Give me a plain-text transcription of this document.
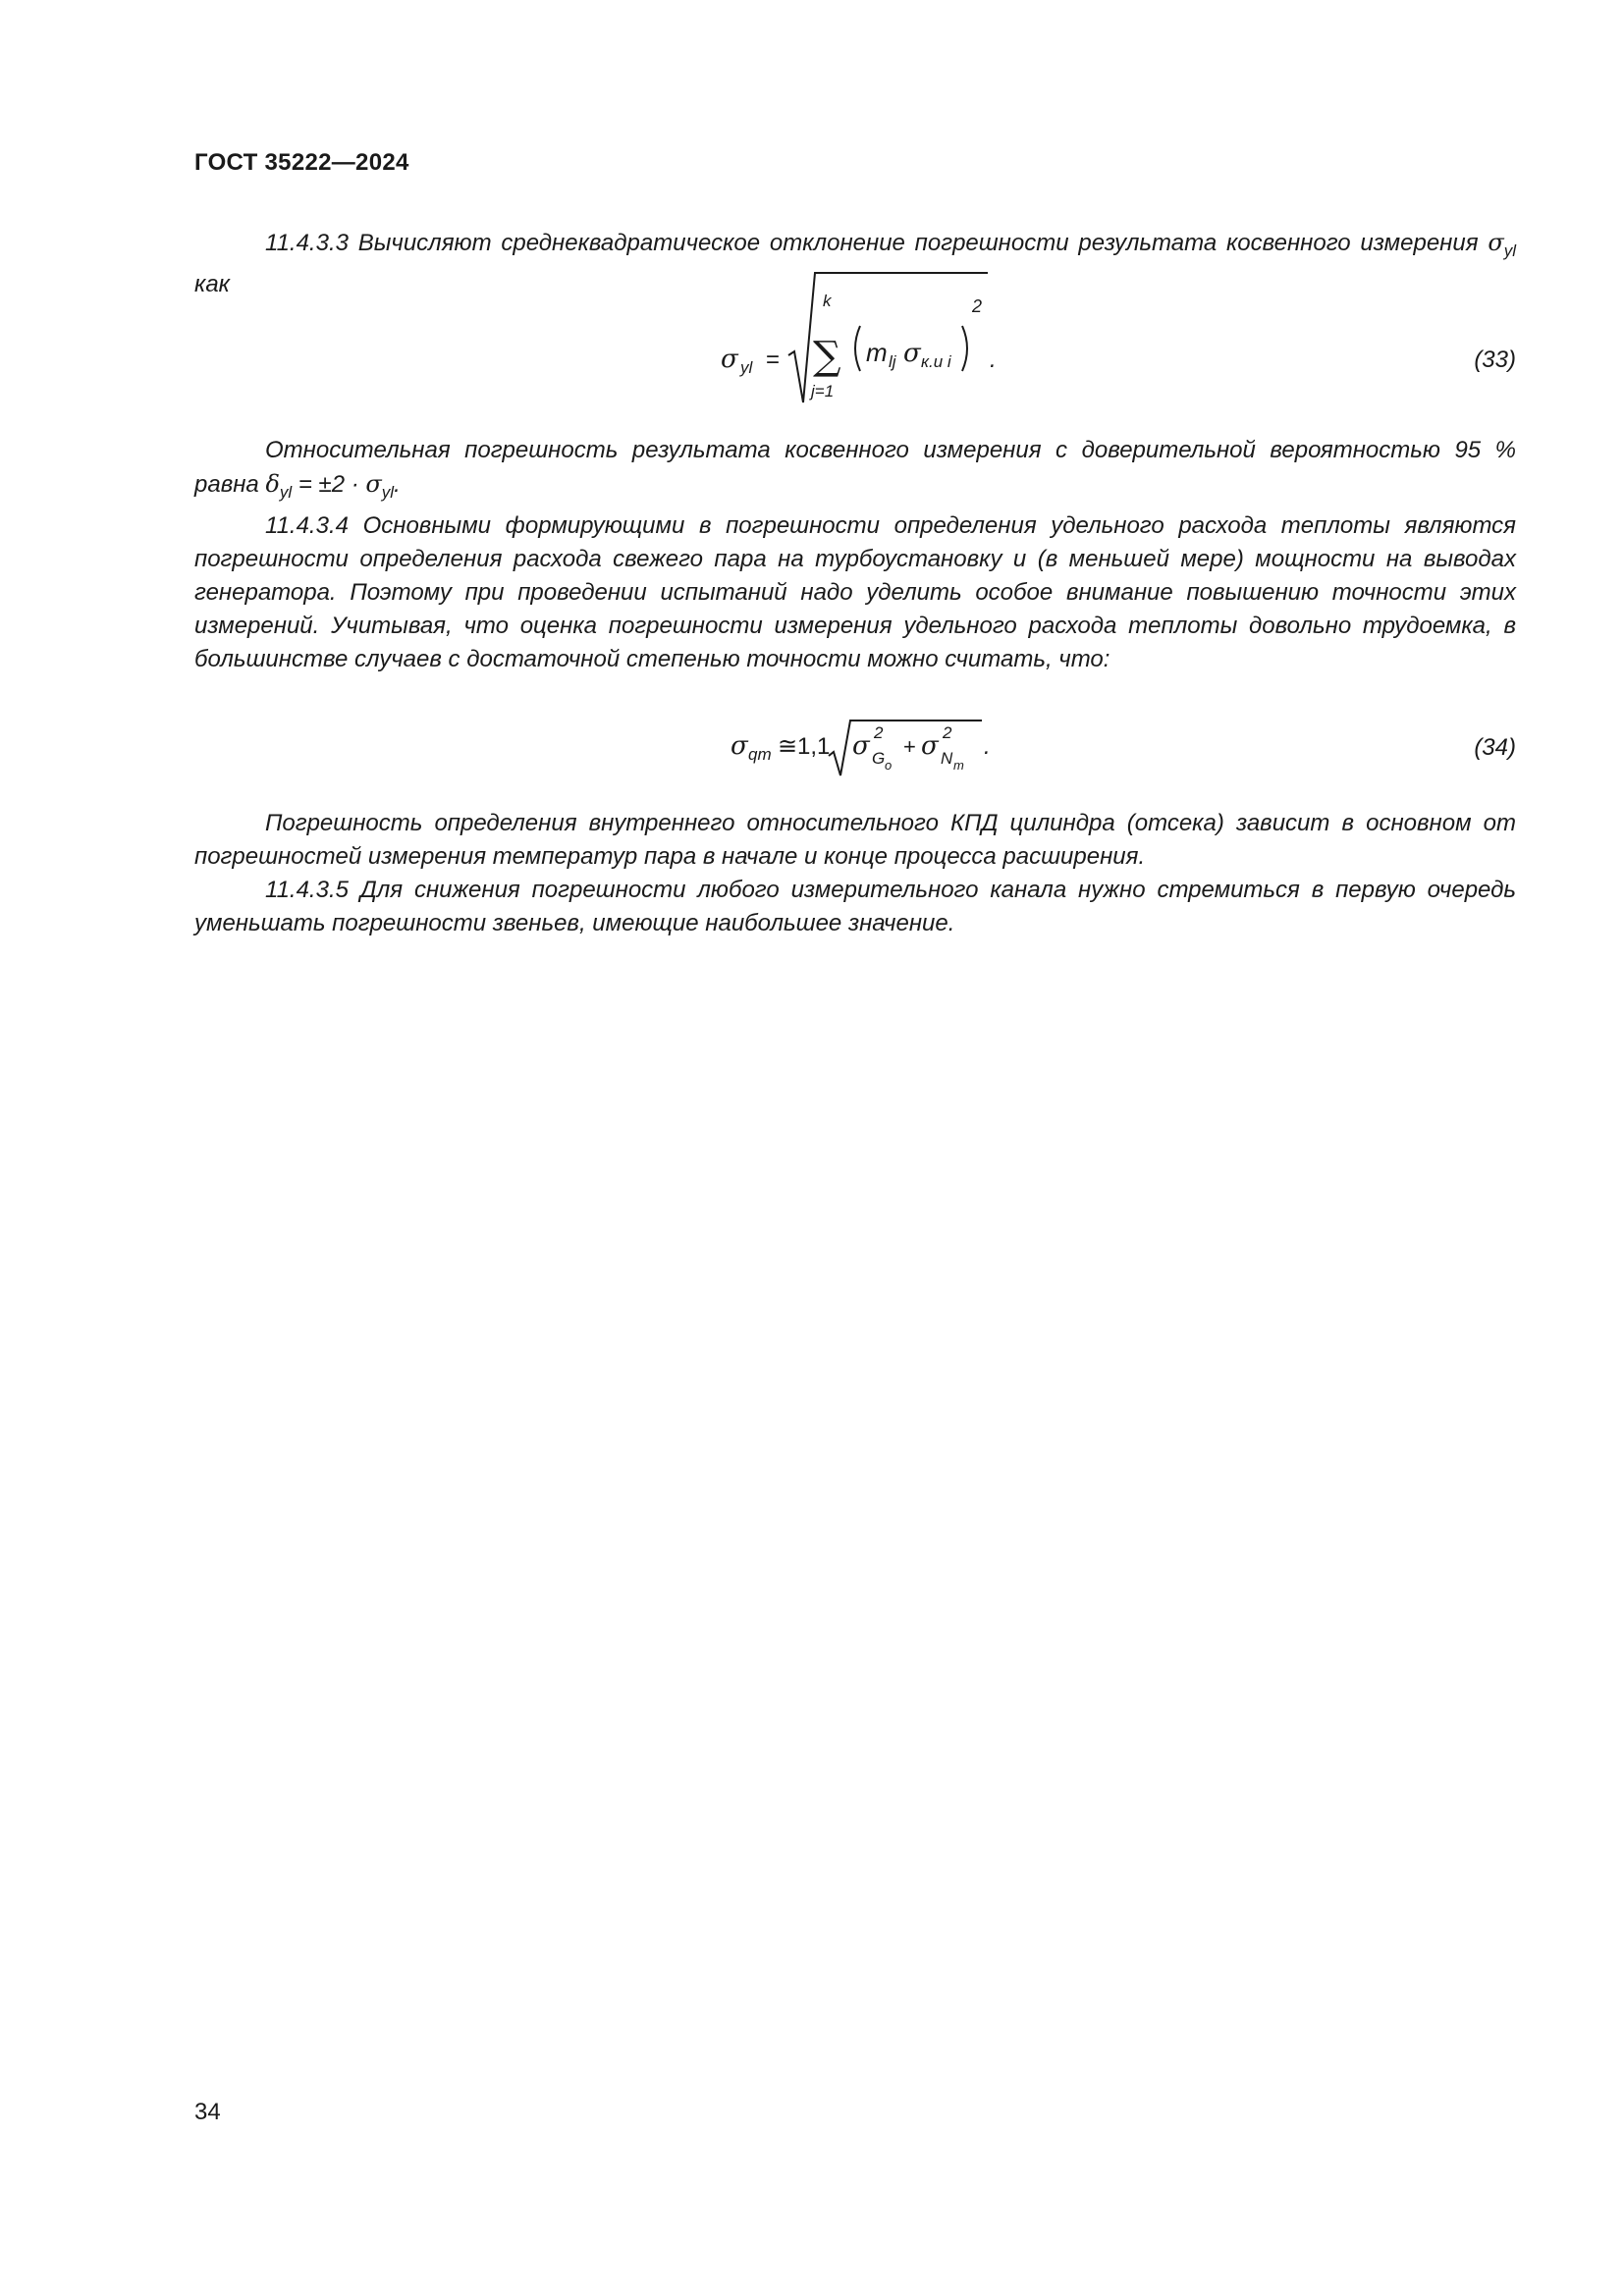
ГОСТ 35222—2024

11.4.3.3 Вычисляют среднеквадратическое отклонение погрешности результата косвенного измерения $\sigma_{yl}$ как

σ yl =
k
∑
j=1
m lj σ к.и i
2
.	(33)

Относительная погрешность результата косвенного измерения с доверительной вероятностью 95 % равна $\delta_{yl} = \pm 2 \cdot \sigma_{yl}$.

11.4.3.4 Основными формирующими в погрешности определения удельного расхода теплоты являются погрешности определения расхода свежего пара на турбоустановку и (в меньшей мере) мощности на выводах генератора. Поэтому при проведении испытаний надо уделить особое внимание повышению точности этих измерений. Учитывая, что оценка погрешности измерения удельного расхода теплоты довольно трудоемка, в большинстве случаев с достаточной степенью точности можно считать, что:

σ qт ≅ 1,1 σ 2
G o
+ σ 2
N т
.	(34)

Погрешность определения внутреннего относительного КПД цилиндра (отсека) зависит в основном от погрешностей измерения температур пара в начале и конце процесса расширения.

11.4.3.5 Для снижения погрешности любого измерительного канала нужно стремиться в первую очередь уменьшать погрешности звеньев, имеющие наибольшее значение.

34
